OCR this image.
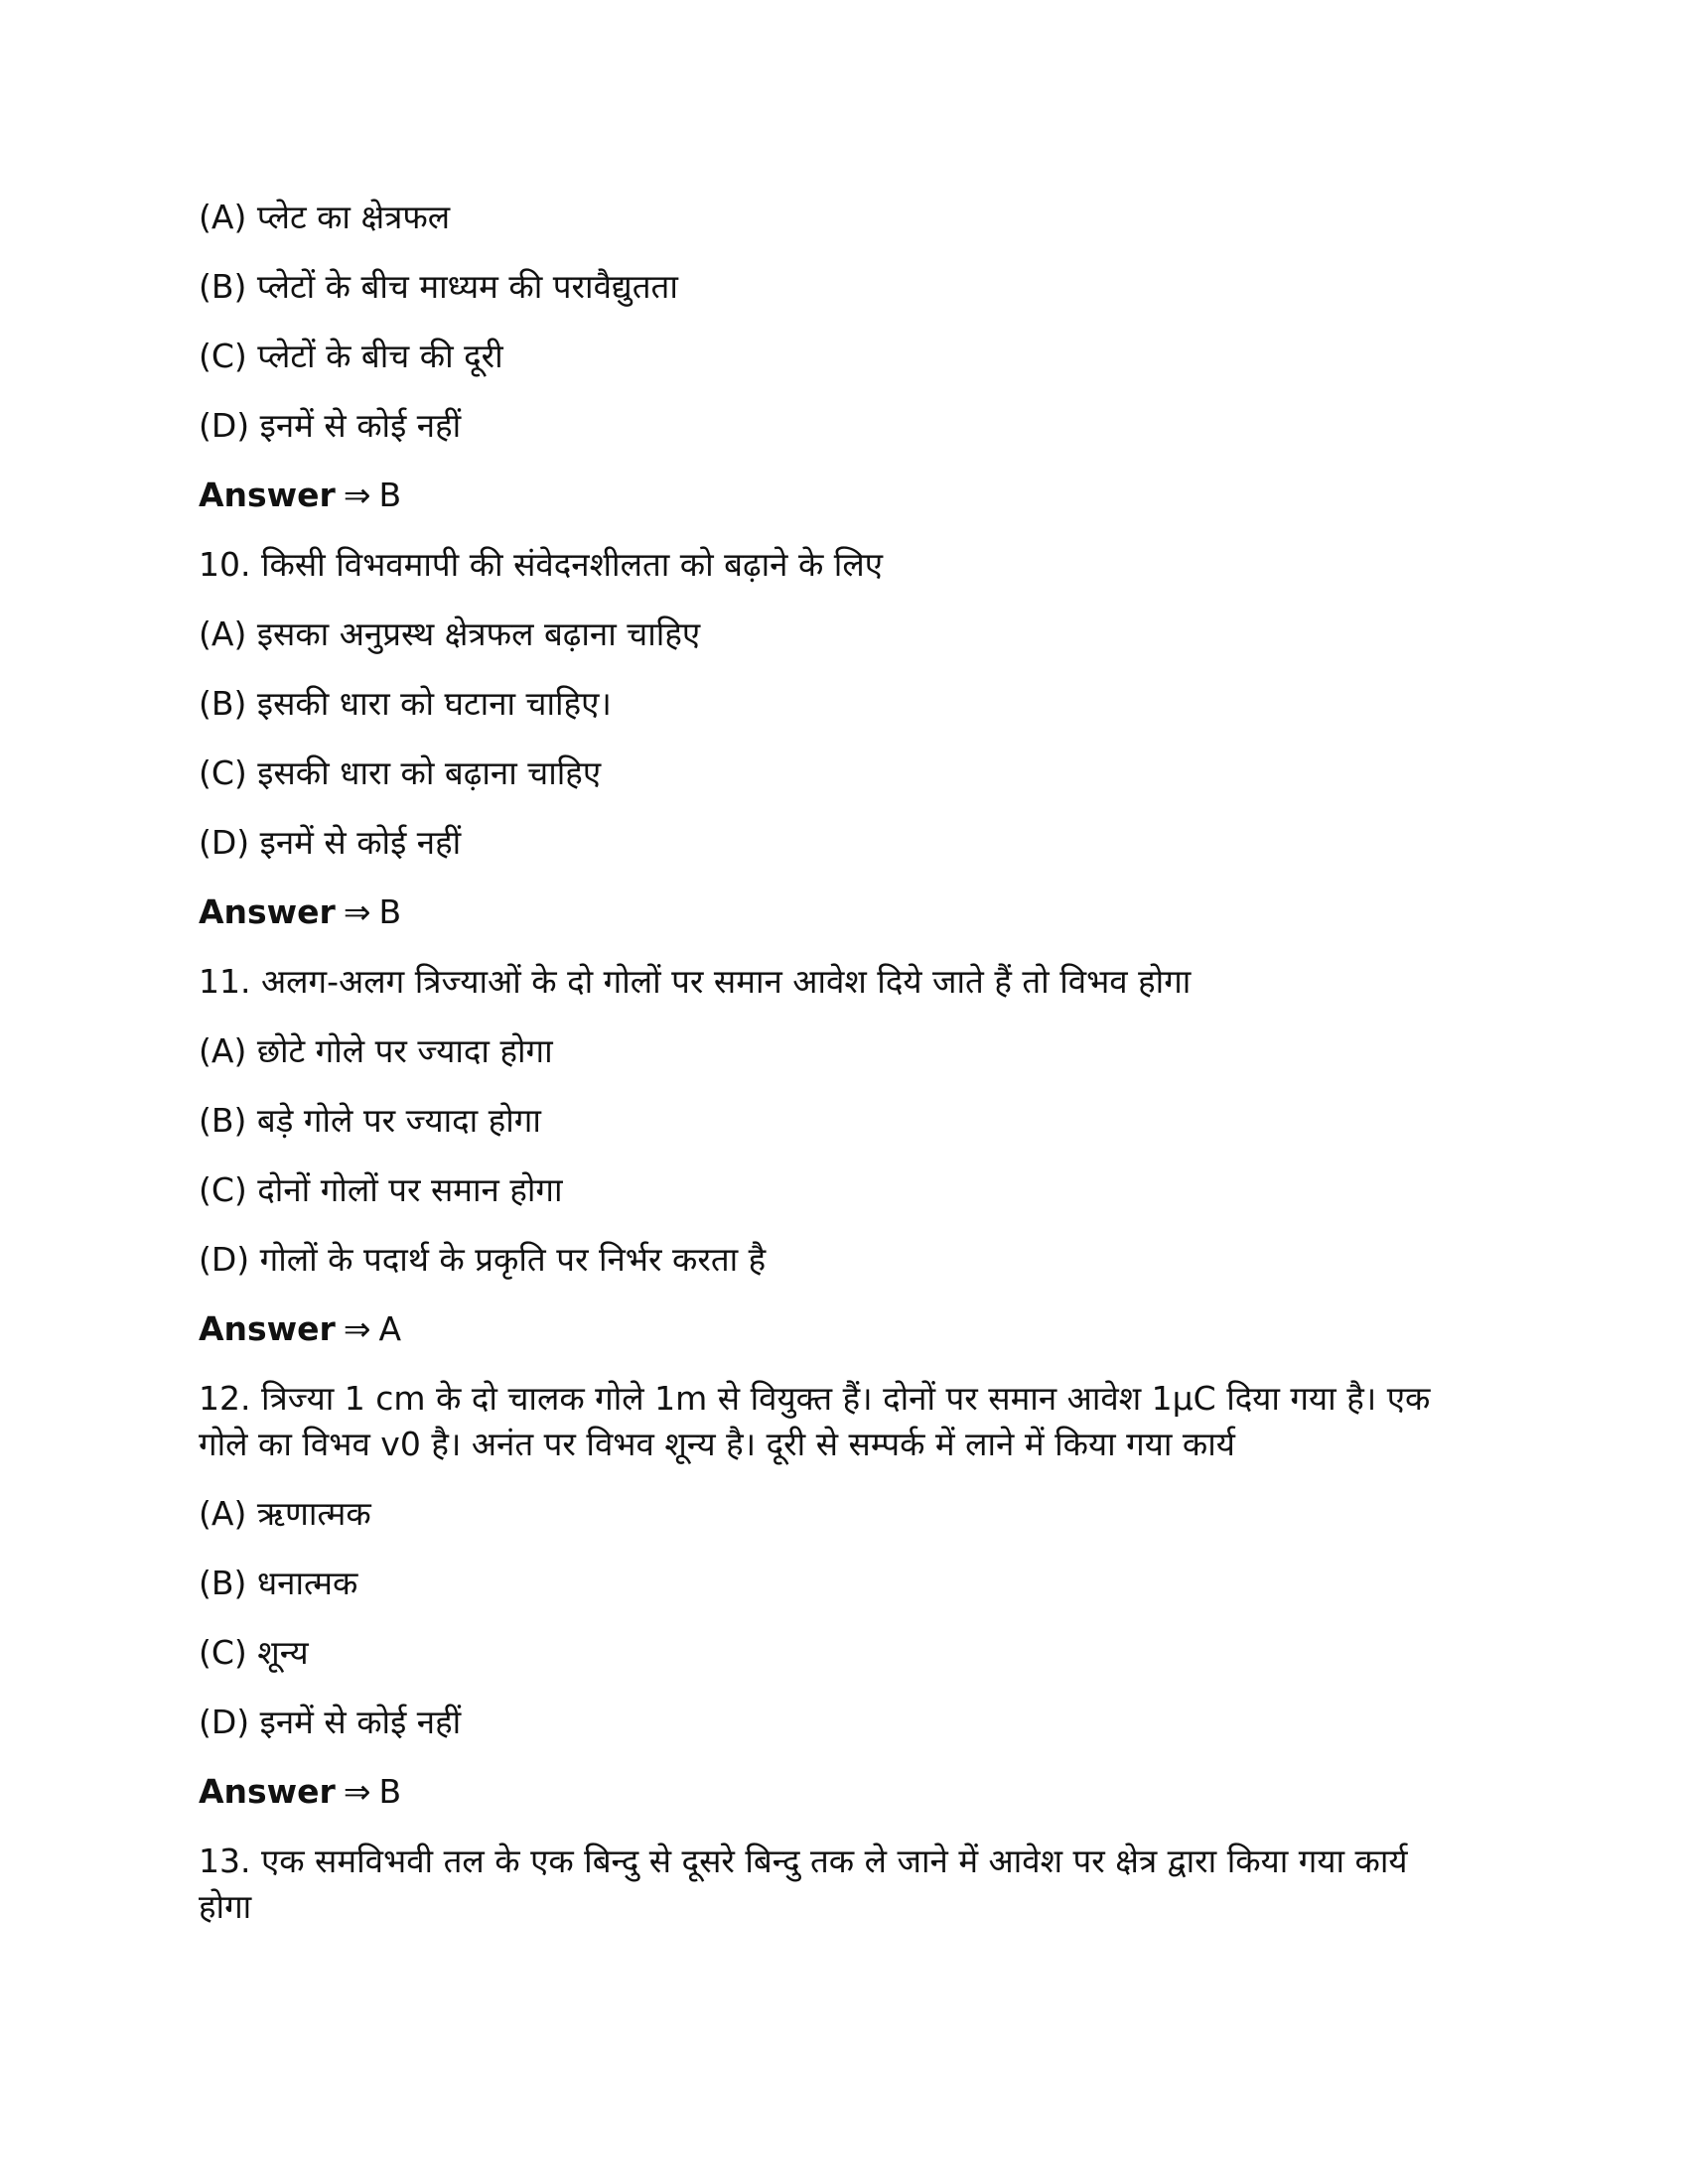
(A) प्लेट का क्षेत्रफल
(B) प्लेटों के बीच माध्यम की परावैद्युतता
(C) प्लेटों के बीच की दूरी
(D) इनमें से कोई नहीं
Answer ⇒ B
10. किसी विभवमापी की संवेदनशीलता को बढ़ाने के लिए
(A) इसका अनुप्रस्थ क्षेत्रफल बढ़ाना चाहिए
(B) इसकी धारा को घटाना चाहिए।
(C) इसकी धारा को बढ़ाना चाहिए
(D) इनमें से कोई नहीं
Answer ⇒ B
11. अलग-अलग त्रिज्याओं के दो गोलों पर समान आवेश दिये जाते हैं तो विभव होगा
(A) छोटे गोले पर ज्यादा होगा
(B) बड़े गोले पर ज्यादा होगा
(C) दोनों गोलों पर समान होगा
(D) गोलों के पदार्थ के प्रकृति पर निर्भर करता है
Answer ⇒ A
12. त्रिज्या 1 cm के दो चालक गोले 1m से वियुक्त हैं। दोनों पर समान आवेश 1μC दिया गया है। एक
गोले का विभव v0 है। अनंत पर विभव शून्य है। दूरी से सम्पर्क में लाने में किया गया कार्य
(A) ऋणात्मक
(B) धनात्मक
(C) शून्य
(D) इनमें से कोई नहीं
Answer ⇒ B
13. एक समविभवी तल के एक बिन्दु से दूसरे बिन्दु तक ले जाने में आवेश पर क्षेत्र द्वारा किया गया कार्य
होगा
